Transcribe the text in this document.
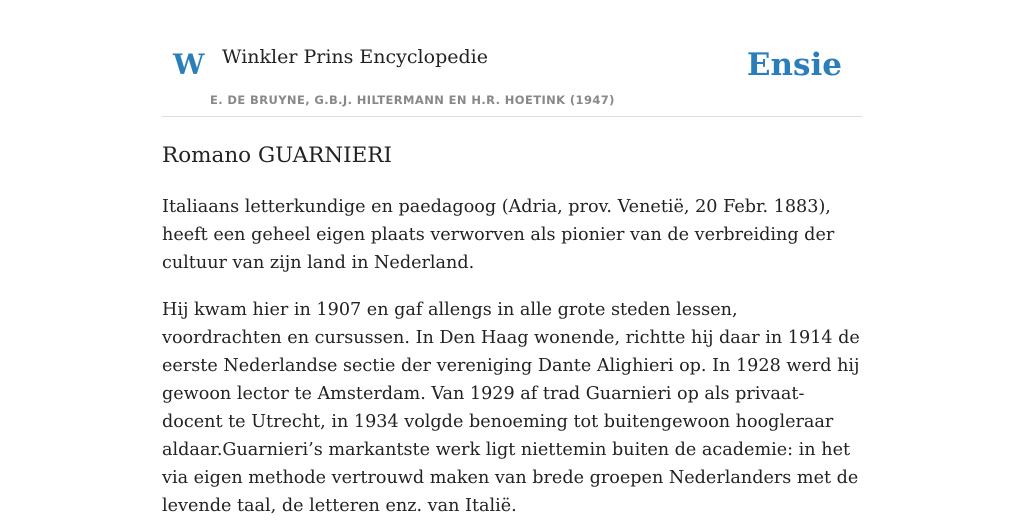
W Winkler Prins Encyclopedie
E. DE BRUYNE, G.B.J. HILTERMANN EN H.R. HOETINK (1947)
Ensie
Romano GUARNIERI

Italiaans letterkundige en paedagoog (Adria, prov. Venetië, 20 Febr. 1883), heeft een geheel eigen plaats verworven als pionier van de verbreiding der cultuur van zijn land in Nederland.

Hij kwam hier in 1907 en gaf allengs in alle grote steden lessen, voordrachten en cursussen. In Den Haag wonende, richtte hij daar in 1914 de eerste Nederlandse sectie der vereniging Dante Alighieri op. In 1928 werd hij gewoon lector te Amsterdam. Van 1929 af trad Guarnieri op als privaat-docent te Utrecht, in 1934 volgde benoeming tot buitengewoon hoogleraar aldaar.Guarnieri’s markantste werk ligt niettemin buiten de academie: in het via eigen methode vertrouwd maken van brede groepen Nederlanders met de levende taal, de letteren enz. van Italië.
